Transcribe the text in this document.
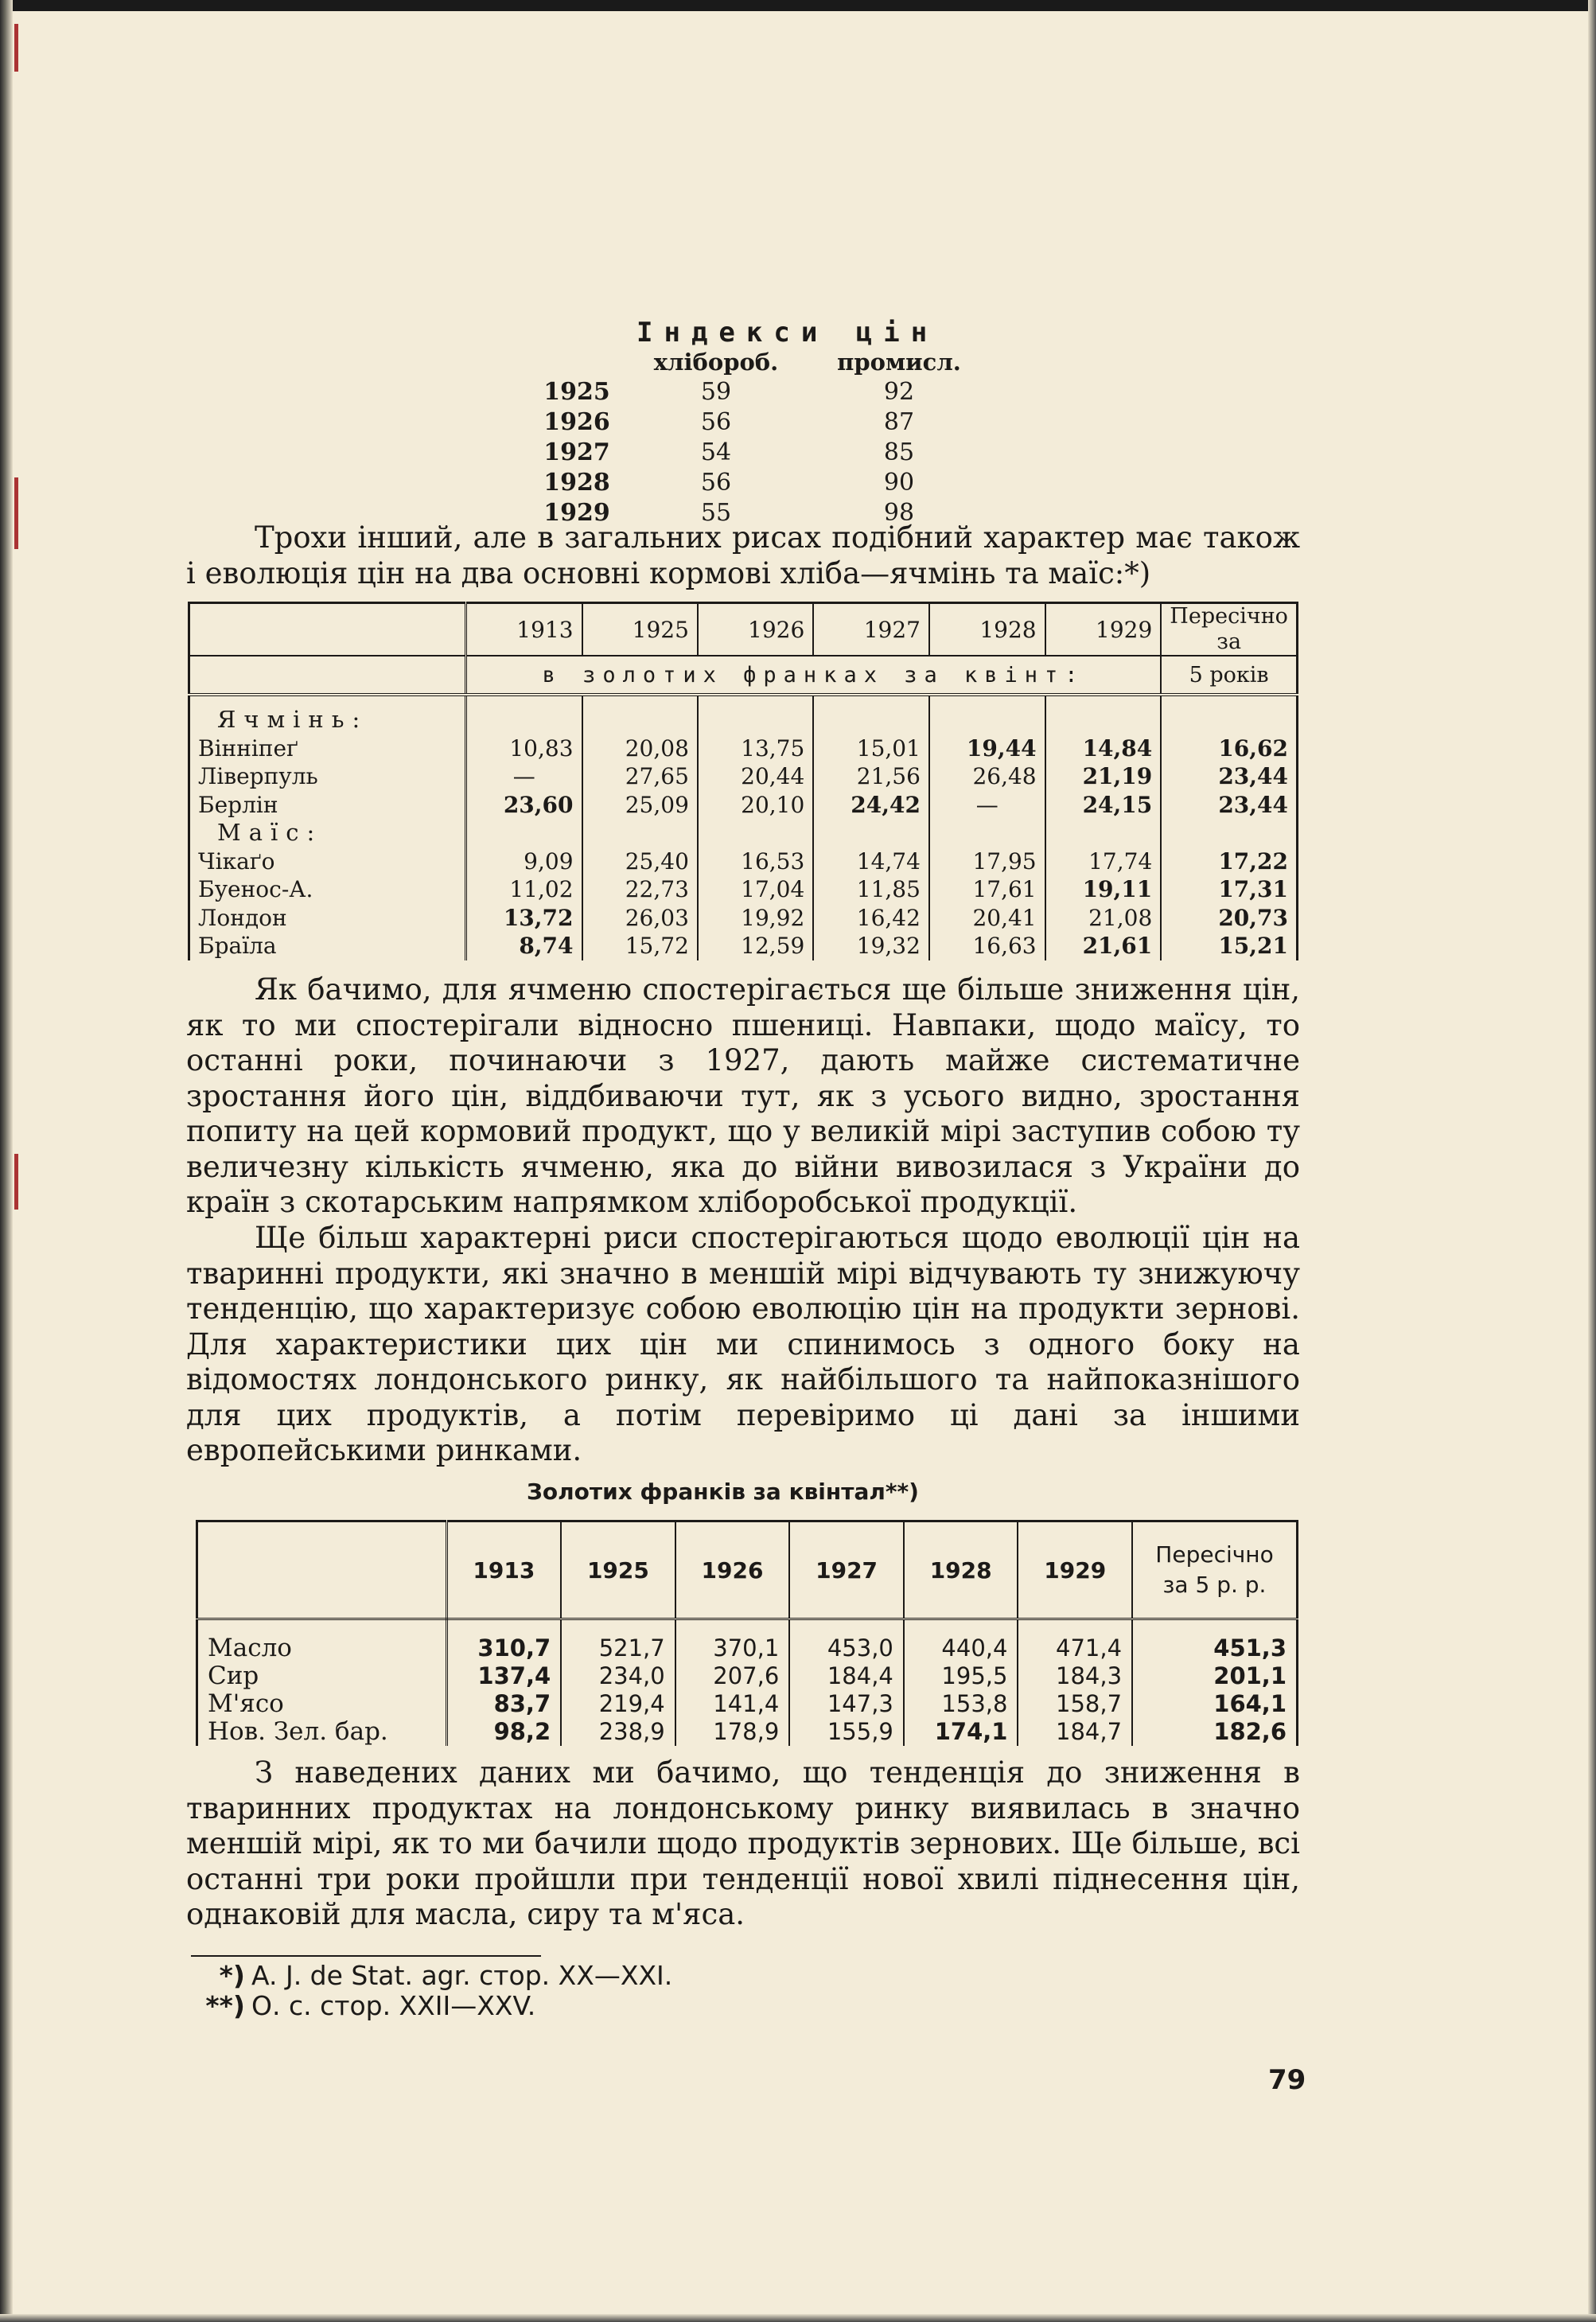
Індекси цін
	хлібороб.	промисл.
1925	59	92
1926	56	87
1927	54	85
1928	56	90
1929	55	98
Трохи інший, але в загальних рисах подібний характер має також і еволюція цін на два основні кормові хліба—ячмінь та маїс:*)
	1913	1925	1926	1927	1928	1929	Пересічно за
	в золотих франках за квінт:						5 років

Ячмінь:							
Вінніпеґ	10,83	20,08	13,75	15,01	19,44	14,84	16,62
Ліверпуль	—	27,65	20,44	21,56	26,48	21,19	23,44
Берлін	23,60	25,09	20,10	24,42	—	24,15	23,44
Маїс:							
Чікаґо	9,09	25,40	16,53	14,74	17,95	17,74	17,22
Буенос-А.	11,02	22,73	17,04	11,85	17,61	19,11	17,31
Лондон	13,72	26,03	19,92	16,42	20,41	21,08	20,73
Браїла	8,74	15,72	12,59	19,32	16,63	21,61	15,21
Як бачимо, для ячменю спостерігається ще більше зниження цін, як то ми спостерігали відносно пшениці. Навпаки, щодо маїсу, то останні роки, починаючи з 1927, дають майже систематичне зростання його цін, віддбиваючи тут, як з усього видно, зростання попиту на цей кормовий продукт, що у великій мірі заступив собою ту величезну кількість ячменю, яка до війни вивозилася з України до країн з скотарським напрямком хліборобської продукції.
Ще більш характерні риси спостерігаються щодо еволюції цін на тваринні продукти, які значно в меншій мірі відчувають ту знижуючу тенденцію, що характеризує собою еволюцію цін на продукти зернові. Для характеристики цих цін ми спинимось з одного боку на відомостях лондонського ринку, як найбільшого та найпоказнішого для цих продуктів, а потім перевіримо ці дані за іншими европейськими ринками.
Золотих франків за квінтал**)
	1913	1925	1926	1927	1928	1929	Пересічно
за 5 р. р.

Масло	310,7	521,7	370,1	453,0	440,4	471,4	451,3
Сир	137,4	234,0	207,6	184,4	195,5	184,3	201,1
М'ясо	83,7	219,4	141,4	147,3	153,8	158,7	164,1
Нов. Зел. бар.	98,2	238,9	178,9	155,9	174,1	184,7	182,6
З наведених даних ми бачимо, що тенденція до зниження в тваринних продуктах на лондонському ринку виявилась в значно меншій мірі, як то ми бачили щодо продуктів зернових. Ще більше, всі останні три роки пройшли при тенденції нової хвилі піднесення цін, однаковій для масла, сиру та м'яса.
*) A. J. de Stat. agr. стор. XX—XXI.
**) О. с. стор. XXII—XXV.
79
